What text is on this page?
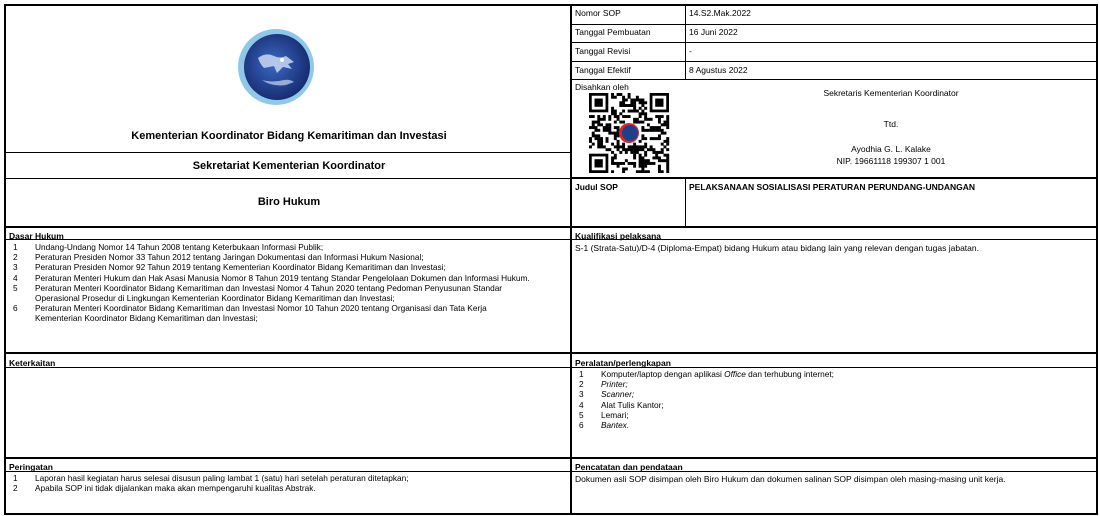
Kementerian Koordinator Bidang Kemaritiman dan Investasi
Sekretariat Kementerian Koordinator
Biro Hukum
Nomor SOP	14.S2.Mak.2022
Tanggal Pembuatan	16 Juni 2022
Tanggal Revisi	-
Tanggal Efektif	8 Agustus 2022
Disahkan oleh
Sekretaris Kementerian Koordinator
Ttd.
Ayodhia G. L. Kalake
NIP. 19661118 199307 1 001
Judul SOP	PELAKSANAAN SOSIALISASI PERATURAN PERUNDANG-UNDANGAN
Dasar Hukum
1	Undang-Undang Nomor 14 Tahun 2008 tentang Keterbukaan Informasi Publik;
2	Peraturan Presiden Nomor 33 Tahun 2012 tentang Jaringan Dokumentasi dan Informasi Hukum Nasional;
3	Peraturan Presiden Nomor 92 Tahun 2019 tentang Kementerian Koordinator Bidang Kemaritiman dan Investasi;
4	Peraturan Menteri Hukum dan Hak Asasi Manusia Nomor 8 Tahun 2019 tentang Standar Pengelolaan Dokumen dan Informasi Hukum.
5	Peraturan Menteri Koordinator Bidang Kemaritiman dan Investasi Nomor 4 Tahun 2020 tentang Pedoman Penyusunan Standar
Operasional Prosedur di Lingkungan Kementerian Koordinator Bidang Kemaritiman dan Investasi;
6	Peraturan Menteri Koordinator Bidang Kemaritiman dan Investasi Nomor 10 Tahun 2020 tentang Organisasi dan Tata Kerja
Kementerian Koordinator Bidang Kemaritiman dan Investasi;
Kualifikasi pelaksana
S-1 (Strata-Satu)/D-4 (Diploma-Empat) bidang Hukum atau bidang lain yang relevan dengan tugas jabatan.
Keterkaitan	Peralatan/perlengkapan
1	Komputer/laptop dengan aplikasi Office dan terhubung internet;
2	Printer;
3	Scanner;
4	Alat Tulis Kantor;
5	Lemari;
6	Bantex.
Peringatan
1	Laporan hasil kegiatan harus selesai disusun paling lambat 1 (satu) hari setelah peraturan ditetapkan;
2	Apabila SOP ini tidak dijalankan maka akan mempengaruhi kualitas Abstrak.
Pencatatan dan pendataan
Dokumen asli SOP disimpan oleh Biro Hukum dan dokumen salinan SOP disimpan oleh masing-masing unit kerja.
